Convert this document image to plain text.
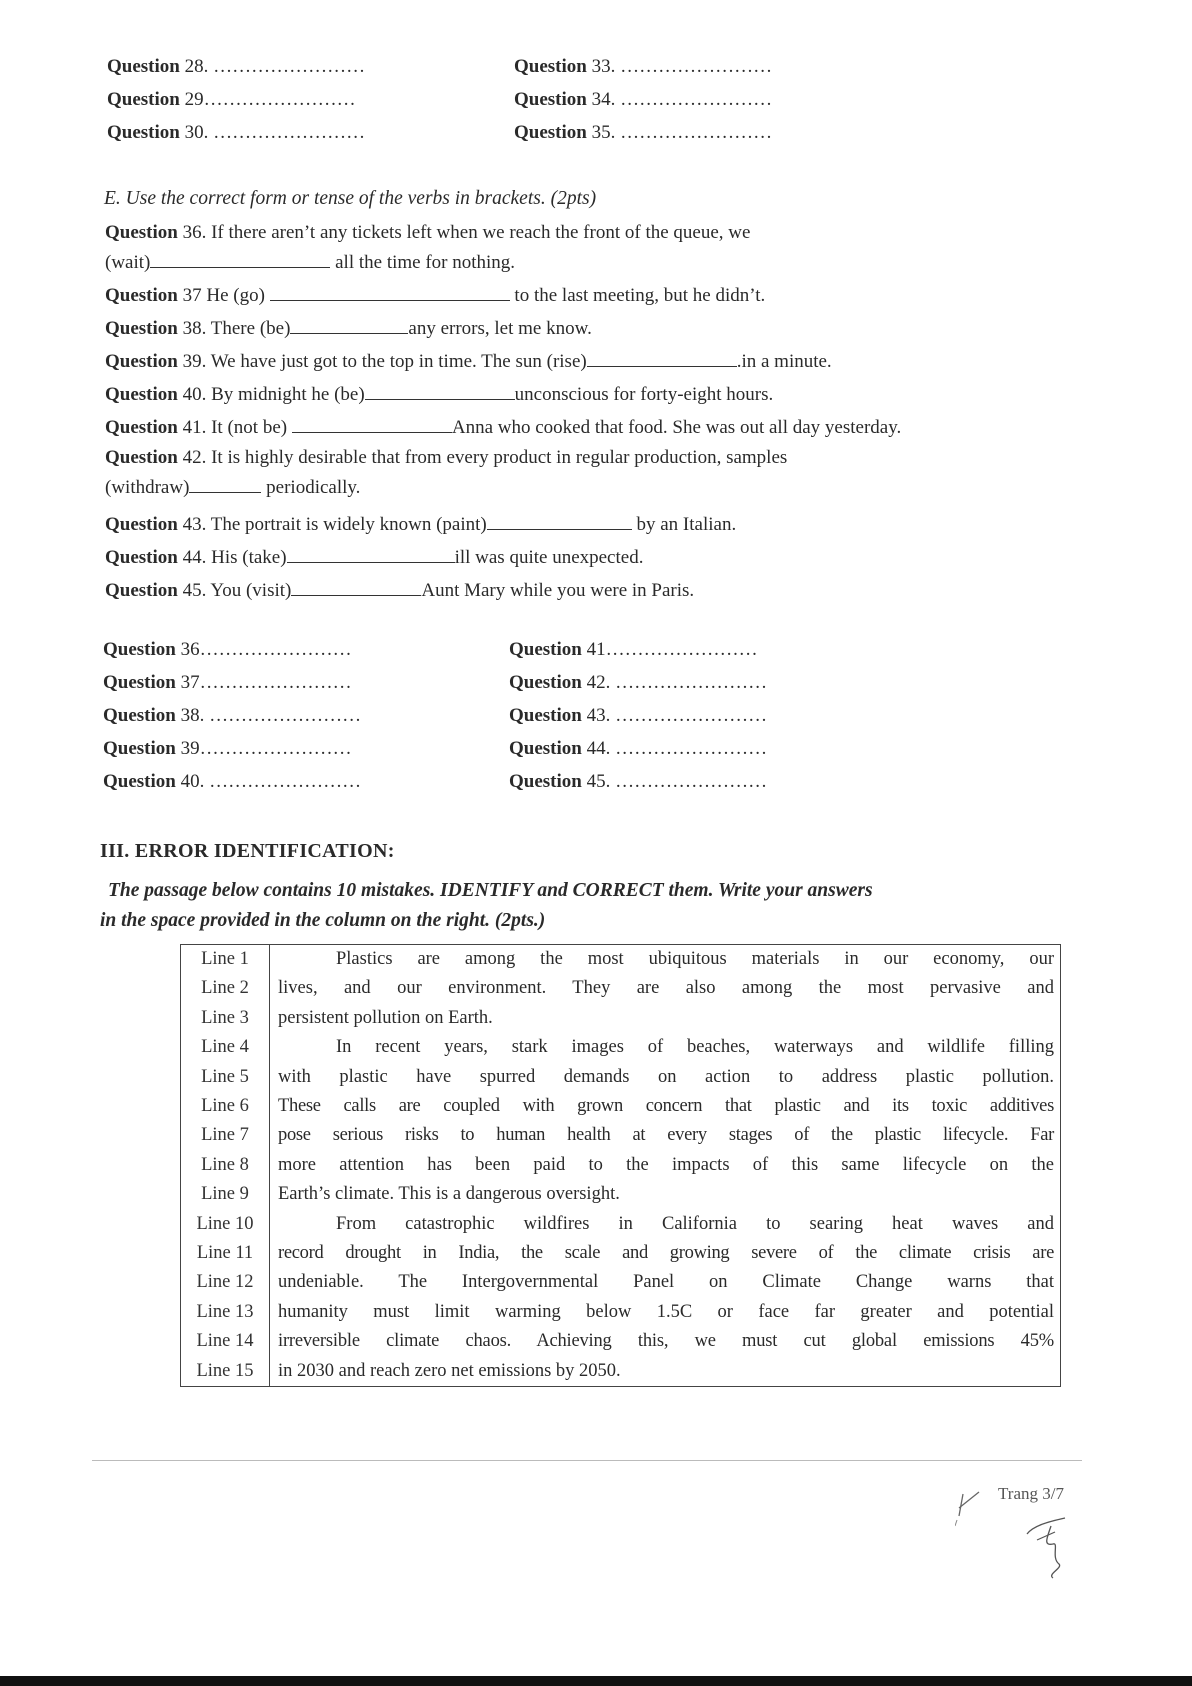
Question 28. ……………………	Question 33. ……………………
Question 29……………………	Question 34. ……………………
Question 30. ……………………	Question 35. ……………………
E. Use the correct form or tense of the verbs in brackets. (2pts)
Question 36. If there aren’t any tickets left when we reach the front of the queue, we
(wait)	all the time for nothing.
Question 37 He (go)	to the last meeting, but he didn’t.
Question 38. There (be)	any errors, let me know.
Question 39. We have just got to the top in time. The sun (rise)	.in a minute.
Question 40. By midnight he (be)	unconscious for forty-eight hours.
Question 41. It (not be)	Anna who cooked that food. She was out all day yesterday.
Question 42. It is highly desirable that from every product in regular production, samples
(withdraw)	periodically.
Question 43. The portrait is widely known (paint)	by an Italian.
Question 44. His (take)	ill was quite unexpected.
Question 45. You (visit)	Aunt Mary while you were in Paris.
Question 36……………………	Question 41……………………
Question 37……………………	Question 42. ……………………
Question 38. ……………………	Question 43. ……………………
Question 39……………………	Question 44. ……………………
Question 40. ……………………	Question 45. ……………………
III. ERROR IDENTIFICATION:
The passage below contains 10 mistakes. IDENTIFY and CORRECT them. Write your answers
in the space provided in the column on the right. (2pts.)
Line 1	Plastics are among the most ubiquitous materials in our economy, our
Line 2	lives, and our environment. They are also among the most pervasive and
Line 3	persistent pollution on Earth.
Line 4	In recent years, stark images of beaches, waterways and wildlife filling
Line 5	with plastic have spurred demands on action to address plastic pollution.
Line 6	These calls are coupled with grown concern that plastic and its toxic additives
Line 7	pose serious risks to human health at every stages of the plastic lifecycle. Far
Line 8	more attention has been paid to the impacts of this same lifecycle on the
Line 9	Earth’s climate. This is a dangerous oversight.
Line 10	From catastrophic wildfires in California to searing heat waves and
Line 11	record drought in India, the scale and growing severe of the climate crisis are
Line 12	undeniable. The Intergovernmental Panel on Climate Change warns that
Line 13	humanity must limit warming below 1.5C or face far greater and potential
Line 14	irreversible climate chaos. Achieving this, we must cut global emissions 45%
Line 15	in 2030 and reach zero net emissions by 2050.
Trang 3/7
